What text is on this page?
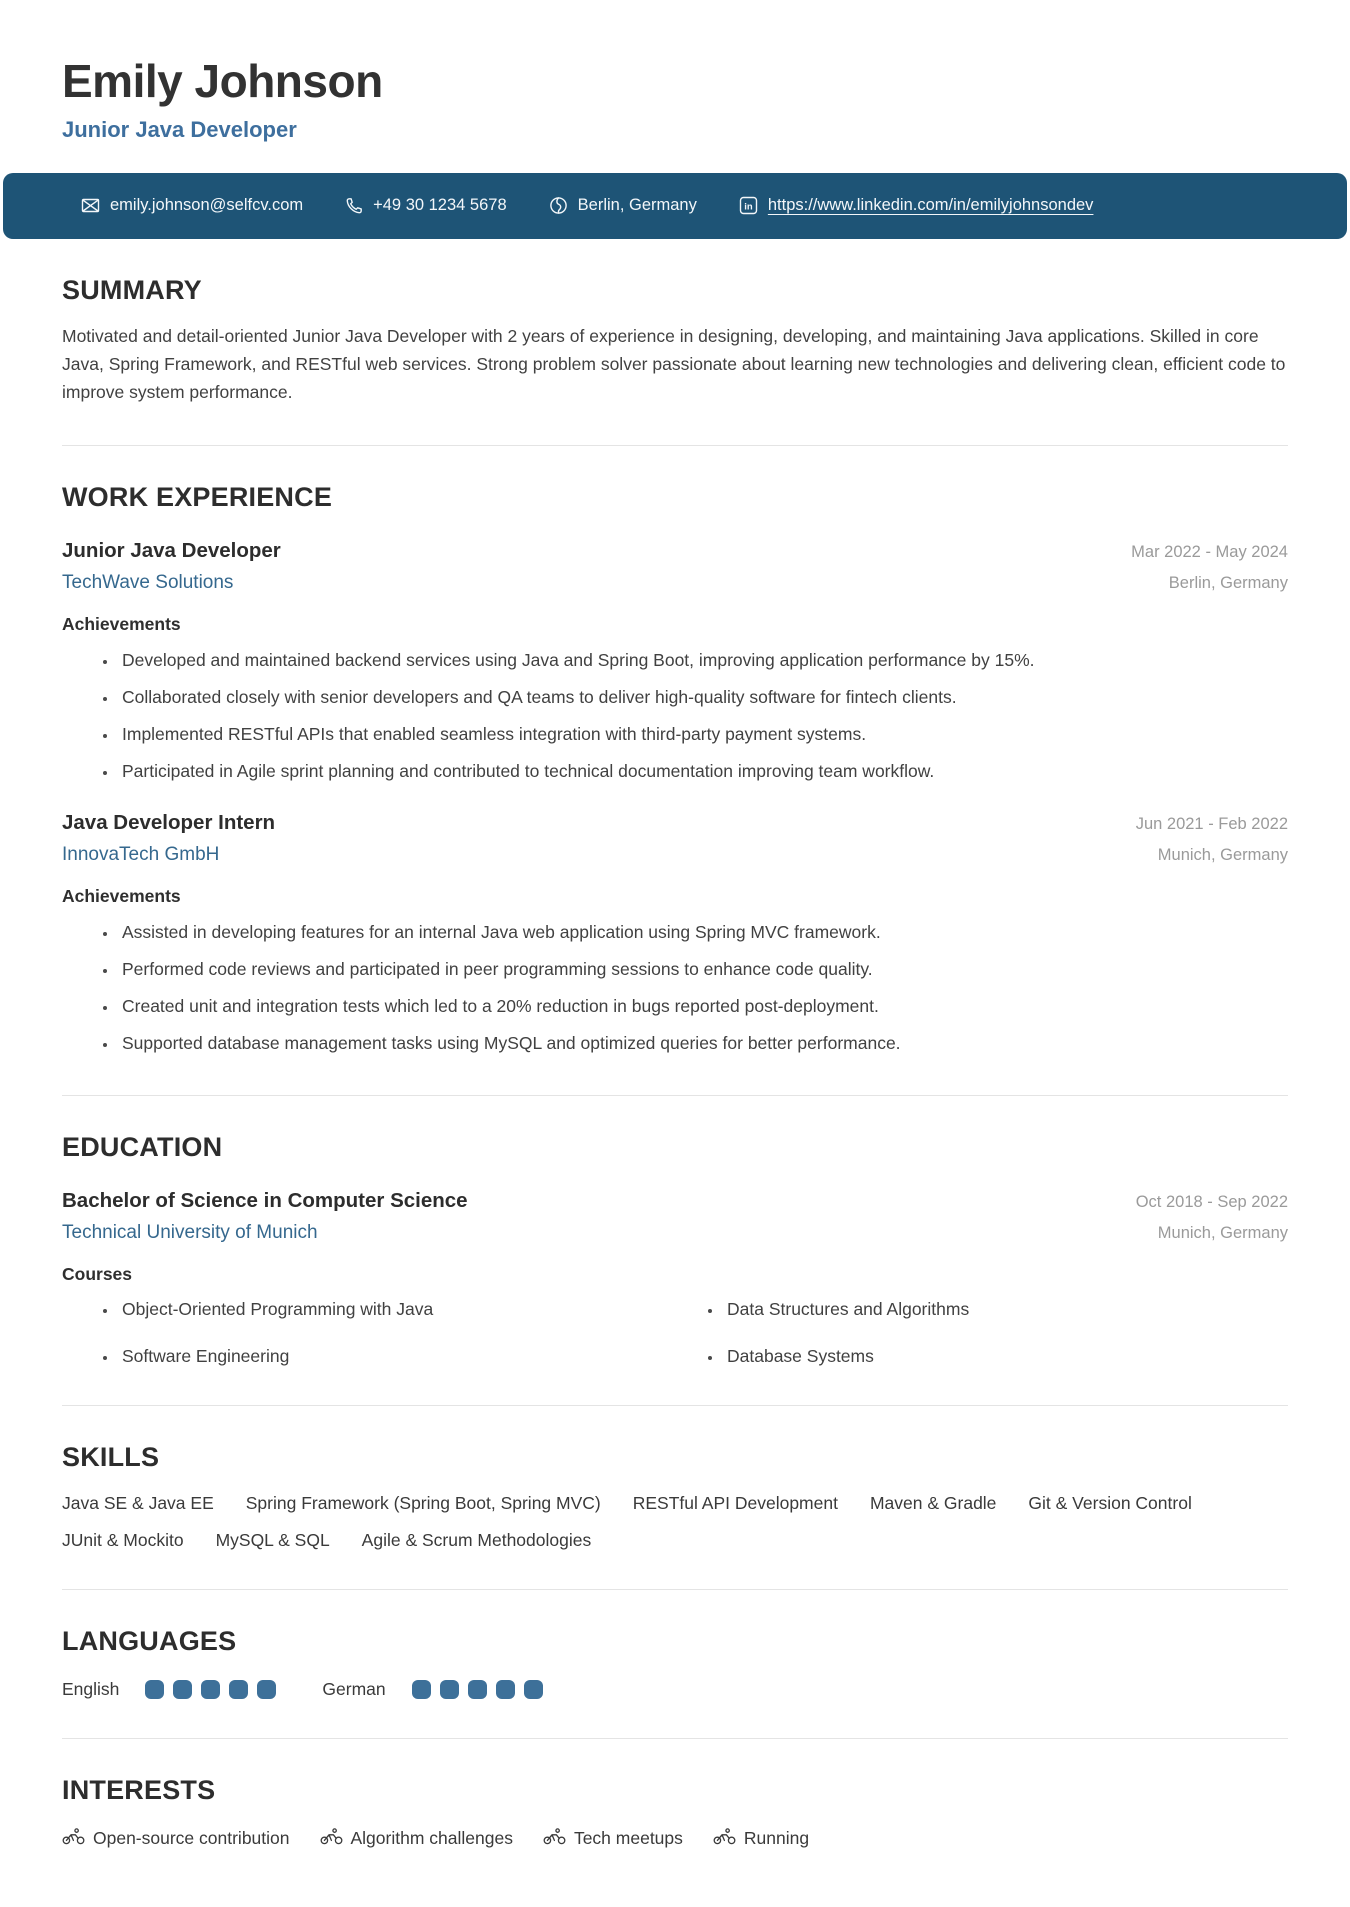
Emily Johnson
Junior Java Developer
emily.johnson@selfcv.com	+49 30 1234 5678	Berlin, Germany	in https://www.linkedin.com/in/emilyjohnsondev
SUMMARY

Motivated and detail-oriented Junior Java Developer with 2 years of experience in designing, developing, and maintaining Java applications. Skilled in core Java, Spring Framework, and RESTful web services. Strong problem solver passionate about learning new technologies and delivering clean, efficient code to improve system performance.

WORK EXPERIENCE
Junior Java Developer	Mar 2022 - May 2024
TechWave Solutions	Berlin, Germany
Achievements
• Developed and maintained backend services using Java and Spring Boot, improving application performance by 15%.
• Collaborated closely with senior developers and QA teams to deliver high-quality software for fintech clients.
• Implemented RESTful APIs that enabled seamless integration with third-party payment systems.
• Participated in Agile sprint planning and contributed to technical documentation improving team workflow.
Java Developer Intern	Jun 2021 - Feb 2022
InnovaTech GmbH	Munich, Germany
Achievements
• Assisted in developing features for an internal Java web application using Spring MVC framework.
• Performed code reviews and participated in peer programming sessions to enhance code quality.
• Created unit and integration tests which led to a 20% reduction in bugs reported post-deployment.
• Supported database management tasks using MySQL and optimized queries for better performance.
EDUCATION
Bachelor of Science in Computer Science	Oct 2018 - Sep 2022
Technical University of Munich	Munich, Germany
Courses
• Object-Oriented Programming with Java	• Data Structures and Algorithms
• Software Engineering	• Database Systems
SKILLS
Java SE & Java EE Spring Framework (Spring Boot, Spring MVC) RESTful API Development Maven & Gradle Git & Version Control
JUnit & Mockito MySQL & SQL Agile & Scrum Methodologies
LANGUAGES
English	German
INTERESTS
Open-source contribution	Algorithm challenges	Tech meetups	Running
